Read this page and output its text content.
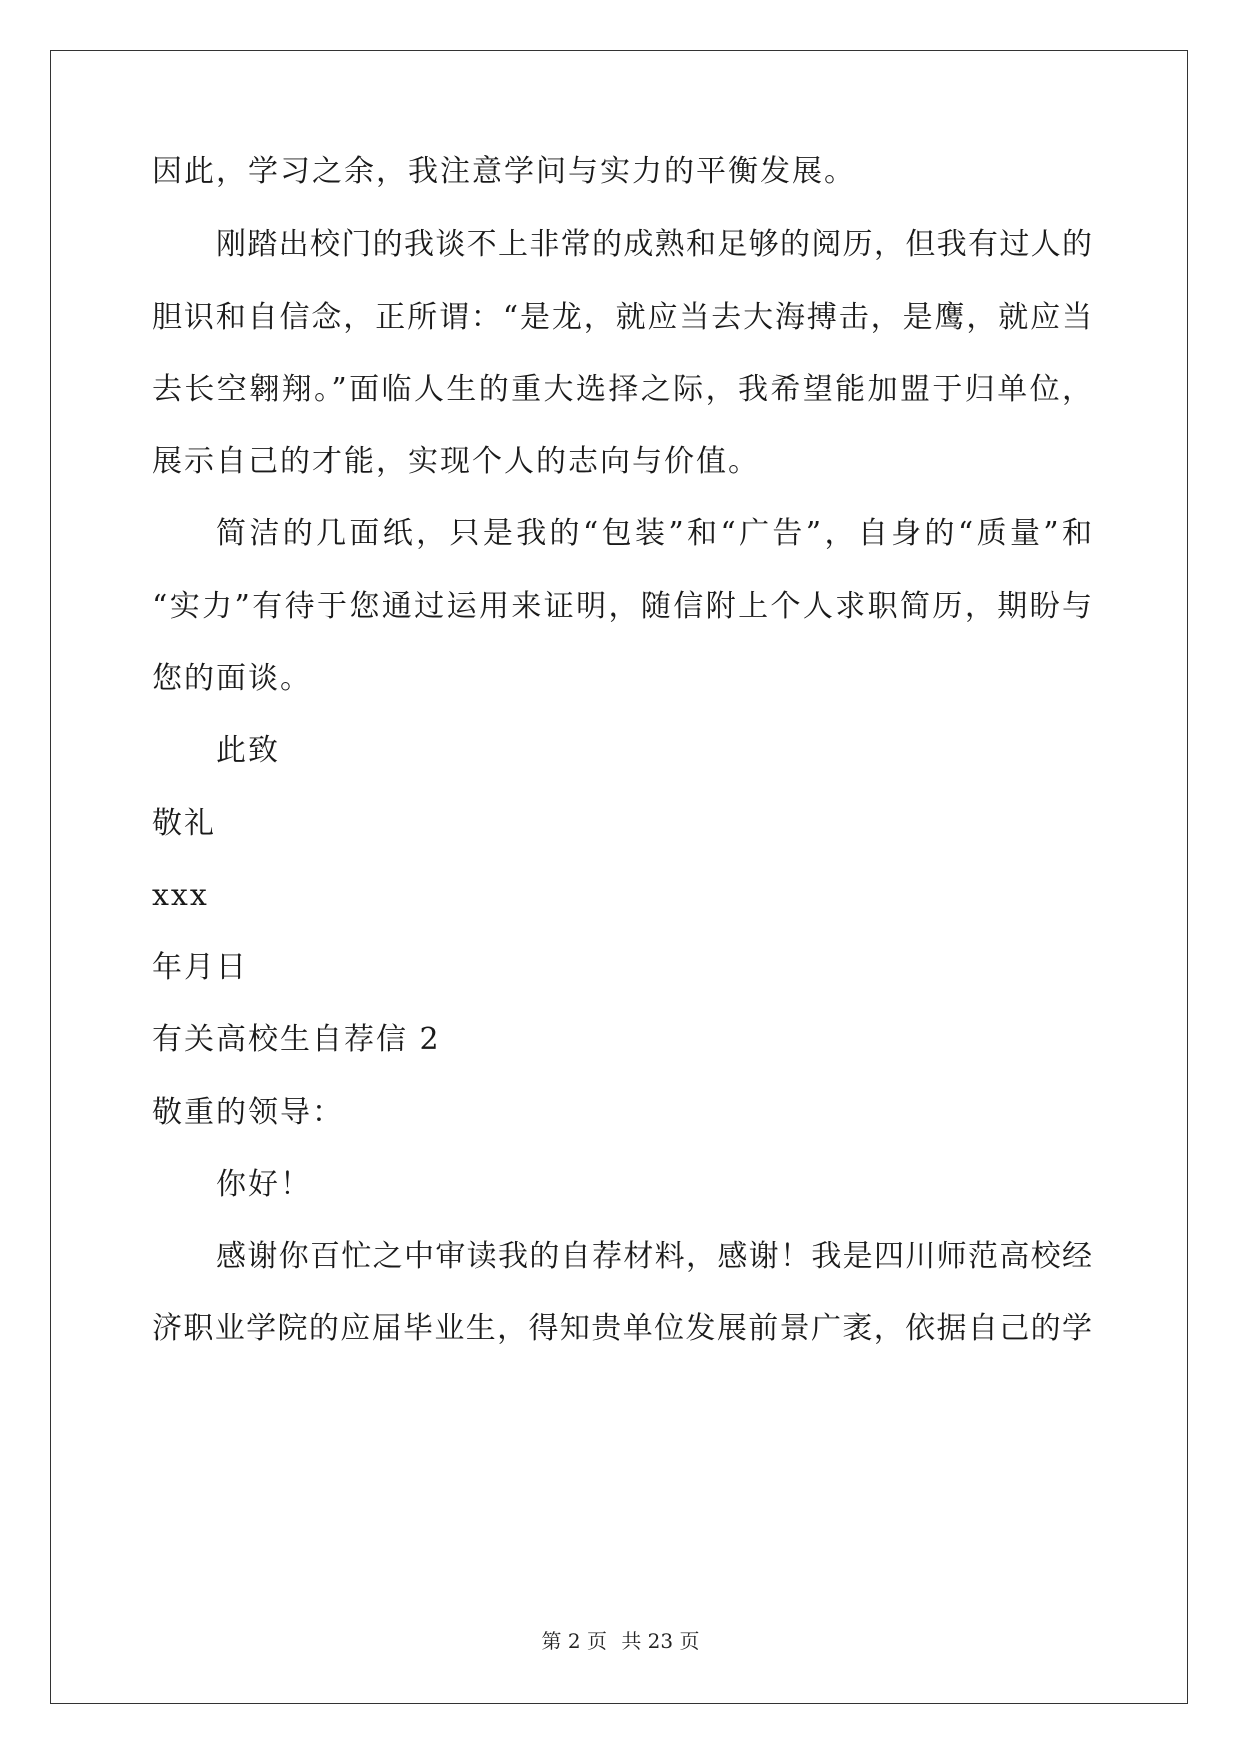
因此，学习之余，我注意学问与实力的平衡发展。
刚踏出校门的我谈不上非常的成熟和足够的阅历，但我有过人的
胆识和自信念，正所谓：“是龙，就应当去大海搏击，是鹰，就应当
去长空翱翔。”面临人生的重大选择之际，我希望能加盟于归单位，
展示自己的才能，实现个人的志向与价值。
简洁的几面纸，只是我的“包装”和“广告”，自身的“质量”和
“实力”有待于您通过运用来证明，随信附上个人求职简历，期盼与
您的面谈。
此致
敬礼
xxx
年月日
有关高校生自荐信 2
敬重的领导：
你好！
感谢你百忙之中审读我的自荐材料，感谢！我是四川师范高校经
济职业学院的应届毕业生，得知贵单位发展前景广袤，依据自己的学
第 2 页 共 23 页
